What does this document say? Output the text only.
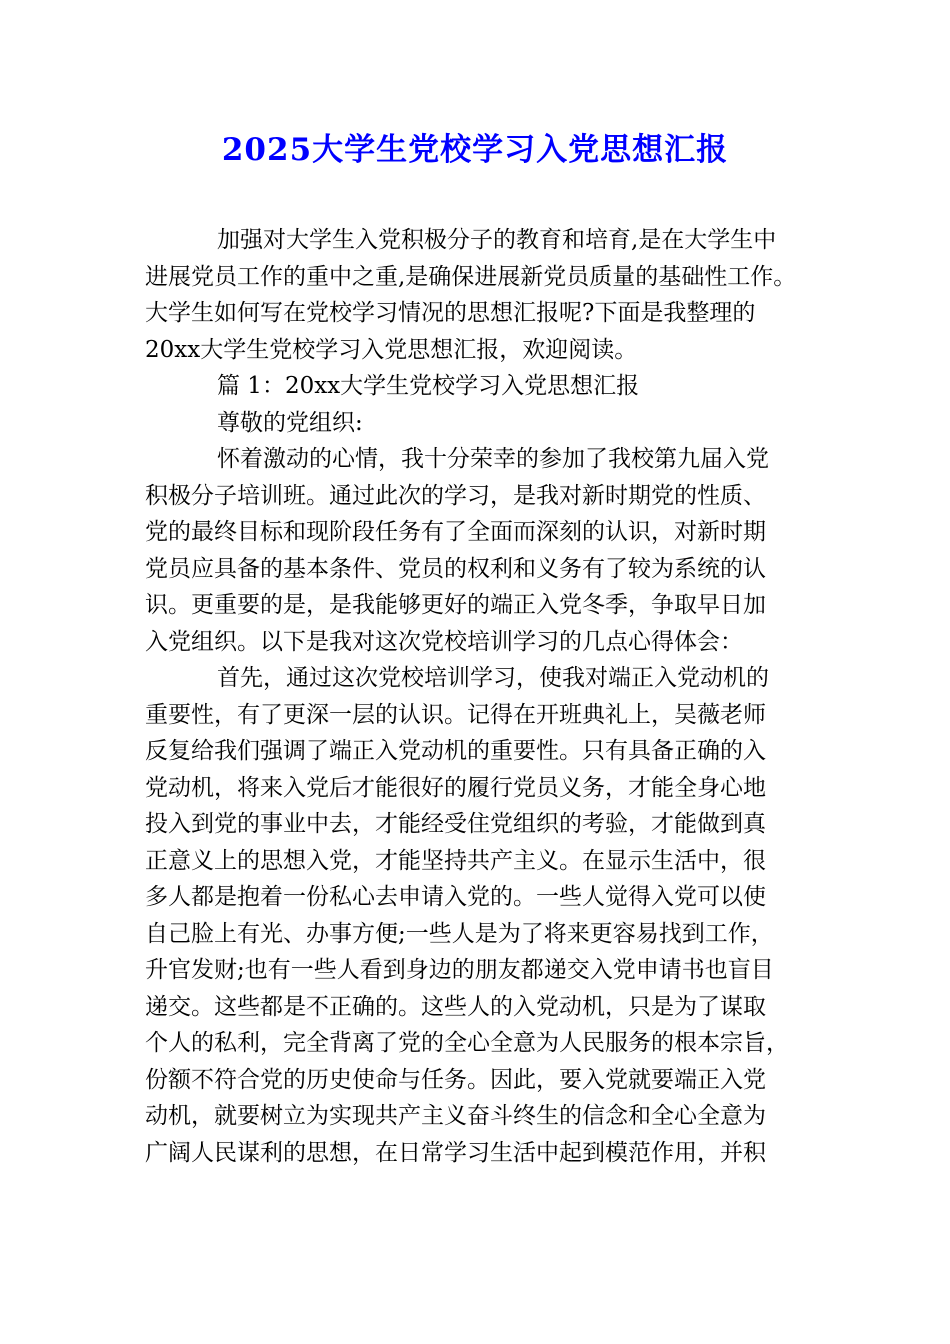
2025大学生党校学习入党思想汇报
加强对大学生入党积极分子的教育和培育,是在大学生中
进展党员工作的重中之重,是确保进展新党员质量的基础性工作。
大学生如何写在党校学习情况的思想汇报呢?下面是我整理的
20xx大学生党校学习入党思想汇报，欢迎阅读。
篇 1：20xx大学生党校学习入党思想汇报
尊敬的党组织:
怀着激动的心情，我十分荣幸的参加了我校第九届入党
积极分子培训班。通过此次的学习，是我对新时期党的性质、
党的最终目标和现阶段任务有了全面而深刻的认识，对新时期
党员应具备的基本条件、党员的权利和义务有了较为系统的认
识。更重要的是，是我能够更好的端正入党冬季，争取早日加
入党组织。以下是我对这次党校培训学习的几点心得体会：
首先，通过这次党校培训学习，使我对端正入党动机的
重要性，有了更深一层的认识。记得在开班典礼上，吴薇老师
反复给我们强调了端正入党动机的重要性。只有具备正确的入
党动机，将来入党后才能很好的履行党员义务，才能全身心地
投入到党的事业中去，才能经受住党组织的考验，才能做到真
正意义上的思想入党，才能坚持共产主义。在显示生活中，很
多人都是抱着一份私心去申请入党的。一些人觉得入党可以使
自己脸上有光、办事方便;一些人是为了将来更容易找到工作，
升官发财;也有一些人看到身边的朋友都递交入党申请书也盲目
递交。这些都是不正确的。这些人的入党动机，只是为了谋取
个人的私利，完全背离了党的全心全意为人民服务的根本宗旨，
份额不符合党的历史使命与任务。因此，要入党就要端正入党
动机，就要树立为实现共产主义奋斗终生的信念和全心全意为
广阔人民谋利的思想，在日常学习生活中起到模范作用，并积
